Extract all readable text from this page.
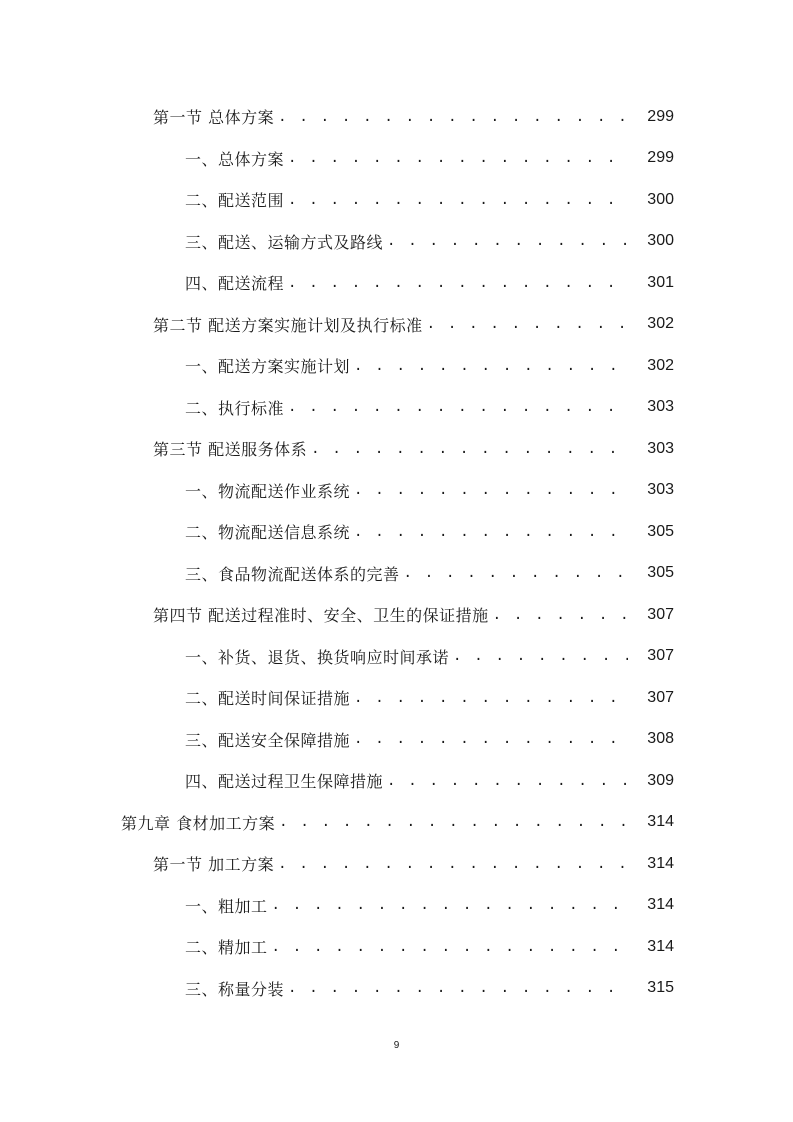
第一节 总体方案 . . .	299
一、总体方案 . . .	299
二、配送范围 . . .	300
三、配送、运输方式及路线 . . .	300
四、配送流程 . . .	301
第二节 配送方案实施计划及执行标准 . . .	302
一、配送方案实施计划 . . .	302
二、执行标准 . . .	303
第三节 配送服务体系 . . .	303
一、物流配送作业系统 . . .	303
二、物流配送信息系统 . . .	305
三、食品物流配送体系的完善 . . .	305
第四节 配送过程准时、安全、卫生的保证措施 . . .	307
一、补货、退货、换货响应时间承诺 . . .	307
二、配送时间保证措施 . . .	307
三、配送安全保障措施 . . .	308
四、配送过程卫生保障措施 . . .	309
第九章 食材加工方案 . . .	314
第一节 加工方案 . . .	314
一、粗加工 . . .	314
二、精加工 . . .	314
三、称量分装 . . .	315
9
